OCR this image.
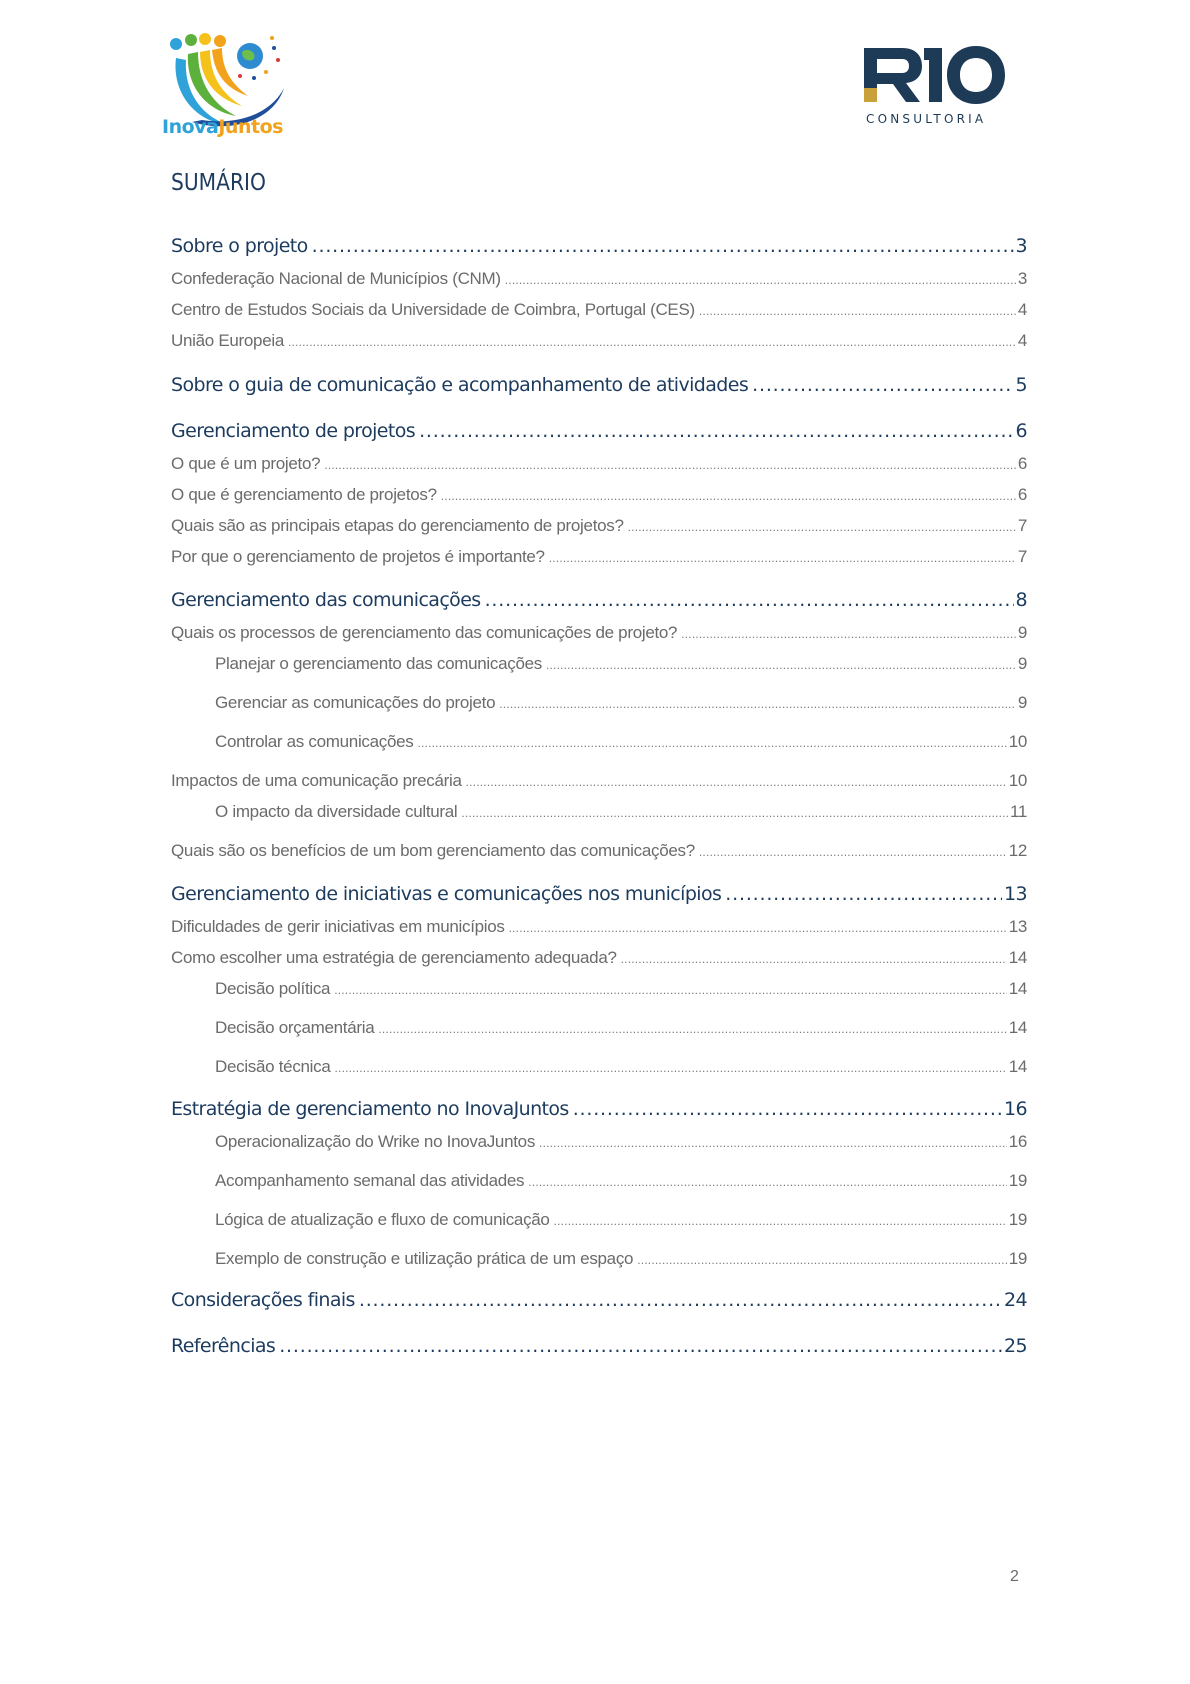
InovaJuntos	CONSULTORIA
SUMÁRIO
Sobre o projeto .....	3
Confederação Nacional de Municípios (CNM) .....	3
Centro de Estudos Sociais da Universidade de Coimbra, Portugal (CES) .....	4
União Europeia .....	4
Sobre o guia de comunicação e acompanhamento de atividades .....	5
Gerenciamento de projetos .....	6
O que é um projeto? .....	6
O que é gerenciamento de projetos? .....	6
Quais são as principais etapas do gerenciamento de projetos? .....	7
Por que o gerenciamento de projetos é importante? .....	7
Gerenciamento das comunicações .....	8
Quais os processos de gerenciamento das comunicações de projeto? .....	9
Planejar o gerenciamento das comunicações .....	9
Gerenciar as comunicações do projeto .....	9
Controlar as comunicações .....	10
Impactos de uma comunicação precária .....	10
O impacto da diversidade cultural .....	11
Quais são os benefícios de um bom gerenciamento das comunicações? .....	12
Gerenciamento de iniciativas e comunicações nos municípios .....	13
Dificuldades de gerir iniciativas em municípios .....	13
Como escolher uma estratégia de gerenciamento adequada? .....	14
Decisão política .....	14
Decisão orçamentária .....	14
Decisão técnica .....	14
Estratégia de gerenciamento no InovaJuntos .....	16
Operacionalização do Wrike no InovaJuntos .....	16
Acompanhamento semanal das atividades .....	19
Lógica de atualização e fluxo de comunicação .....	19
Exemplo de construção e utilização prática de um espaço .....	19
Considerações finais .....	24
Referências .....	25
2
